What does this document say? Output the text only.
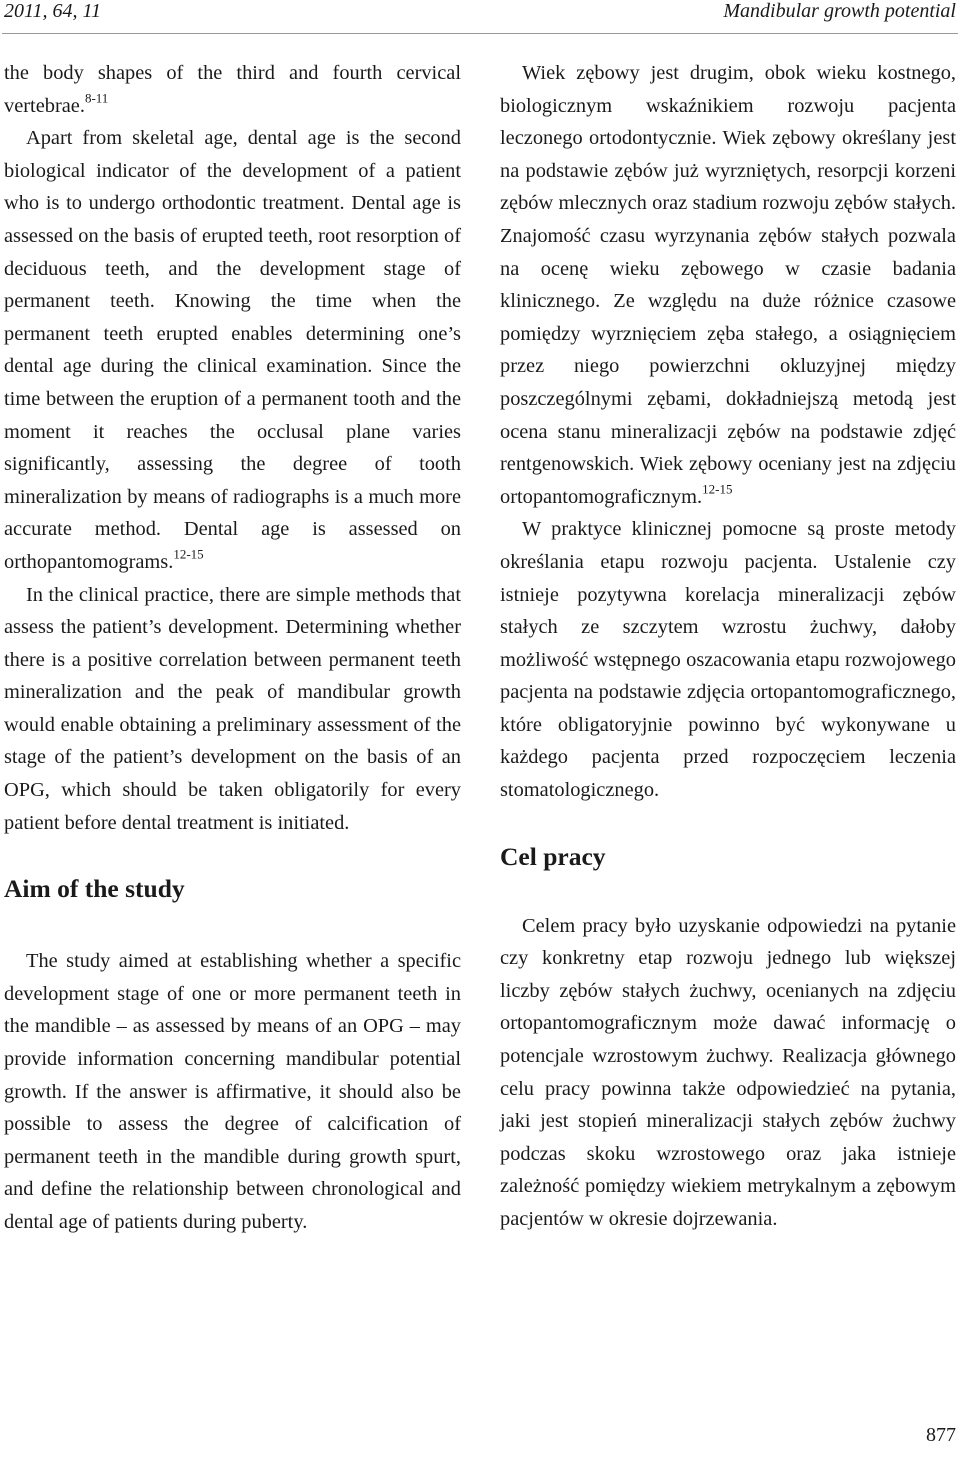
2011, 64, 11	Mandibular growth potential

the body shapes of the third and fourth cervical vertebrae.$^{8-11}$

Apart from skeletal age, dental age is the second biological indicator of the development of a patient who is to undergo orthodontic treatment. Dental age is assessed on the basis of erupted teeth, root resorption of deciduous teeth, and the development stage of permanent teeth. Knowing the time when the permanent teeth erupted enables determining one’s dental age during the clinical examination. Since the time between the eruption of a permanent tooth and the moment it reaches the occlusal plane varies significantly, assessing the degree of tooth mineralization by means of radiographs is a much more accurate method. Dental age is assessed on orthopantomograms.$^{12-15}$

In the clinical practice, there are simple methods that assess the patient’s development. Determining whether there is a positive correlation between permanent teeth mineralization and the peak of mandibular growth would enable obtaining a preliminary assessment of the stage of the patient’s development on the basis of an OPG, which should be taken obligatorily for every patient before dental treatment is initiated.

Aim of the study

The study aimed at establishing whether a specific development stage of one or more permanent teeth in the mandible – as assessed by means of an OPG – may provide information concerning mandibular potential growth. If the answer is affirmative, it should also be possible to assess the degree of calcification of permanent teeth in the mandible during growth spurt, and define the relationship between chronological and dental age of patients during puberty.

Wiek zębowy jest drugim, obok wieku kostnego, biologicznym wskaźnikiem rozwoju pacjenta leczonego ortodontycznie. Wiek zębowy określany jest na podstawie zębów już wyrzniętych, resorpcji korzeni zębów mlecznych oraz stadium rozwoju zębów stałych. Znajomość czasu wyrzynania zębów stałych pozwala na ocenę wieku zębowego w czasie badania klinicznego. Ze względu na duże różnice czasowe pomiędzy wyrznięciem zęba stałego, a osiągnięciem przez niego powierzchni okluzyjnej między poszczególnymi zębami, dokładniejszą metodą jest ocena stanu mineralizacji zębów na podstawie zdjęć rentgenowskich. Wiek zębowy oceniany jest na zdjęciu ortopantomograficznym.$^{12-15}$

W praktyce klinicznej pomocne są proste metody określania etapu rozwoju pacjenta. Ustalenie czy istnieje pozytywna korelacja mineralizacji zębów stałych ze szczytem wzrostu żuchwy, dałoby możliwość wstępnego oszacowania etapu rozwojowego pacjenta na podstawie zdjęcia ortopantomograficznego, które obligatoryjnie powinno być wykonywane u każdego pacjenta przed rozpoczęciem leczenia stomatologicznego.

Cel pracy

Celem pracy było uzyskanie odpowiedzi na pytanie czy konkretny etap rozwoju jednego lub większej liczby zębów stałych żuchwy, ocenianych na zdjęciu ortopantomograficznym może dawać informację o potencjale wzrostowym żuchwy. Realizacja głównego celu pracy powinna także odpowiedzieć na pytania, jaki jest stopień mineralizacji stałych zębów żuchwy podczas skoku wzrostowego oraz jaka istnieje zależność pomiędzy wiekiem metrykalnym a zębowym pacjentów w okresie dojrzewania.

877
